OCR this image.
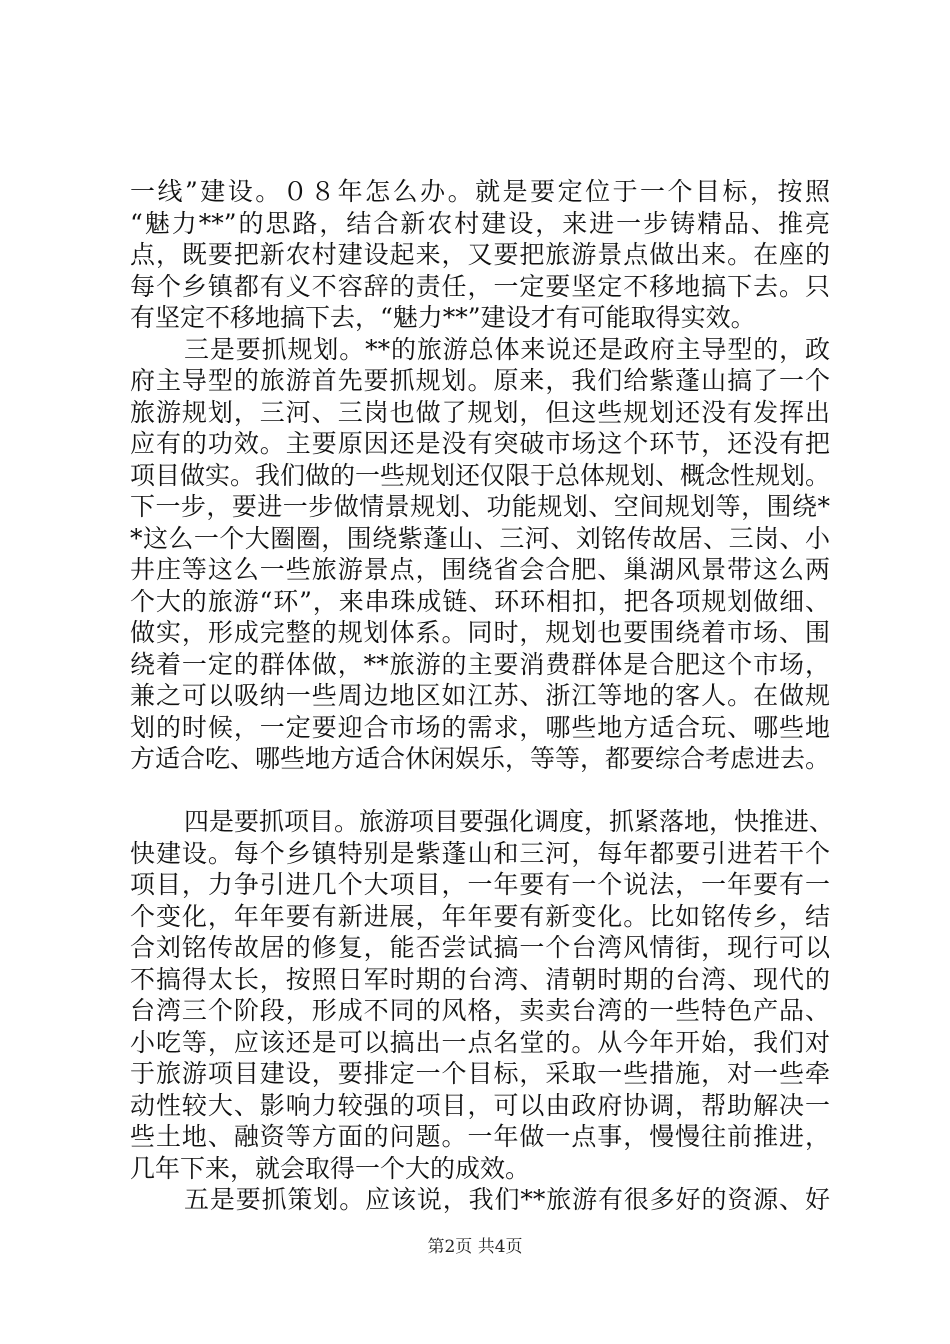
一线”建设。０８年怎么办。就是要定位于一个目标，按照
“魅力**”的思路，结合新农村建设，来进一步铸精品、推亮
点，既要把新农村建设起来，又要把旅游景点做出来。在座的
每个乡镇都有义不容辞的责任，一定要坚定不移地搞下去。只
有坚定不移地搞下去，“魅力**”建设才有可能取得实效。
三是要抓规划。**的旅游总体来说还是政府主导型的，政
府主导型的旅游首先要抓规划。原来，我们给紫蓬山搞了一个
旅游规划，三河、三岗也做了规划，但这些规划还没有发挥出
应有的功效。主要原因还是没有突破市场这个环节，还没有把
项目做实。我们做的一些规划还仅限于总体规划、概念性规划。
下一步，要进一步做情景规划、功能规划、空间规划等，围绕*
*这么一个大圈圈，围绕紫蓬山、三河、刘铭传故居、三岗、小
井庄等这么一些旅游景点，围绕省会合肥、巢湖风景带这么两
个大的旅游“环”，来串珠成链、环环相扣，把各项规划做细、
做实，形成完整的规划体系。同时，规划也要围绕着市场、围
绕着一定的群体做，**旅游的主要消费群体是合肥这个市场，
兼之可以吸纳一些周边地区如江苏、浙江等地的客人。在做规
划的时候，一定要迎合市场的需求，哪些地方适合玩、哪些地
方适合吃、哪些地方适合休闲娱乐，等等，都要综合考虑进去。
四是要抓项目。旅游项目要强化调度，抓紧落地，快推进、
快建设。每个乡镇特别是紫蓬山和三河，每年都要引进若干个
项目，力争引进几个大项目，一年要有一个说法，一年要有一
个变化，年年要有新进展，年年要有新变化。比如铭传乡，结
合刘铭传故居的修复，能否尝试搞一个台湾风情街，现行可以
不搞得太长，按照日军时期的台湾、清朝时期的台湾、现代的
台湾三个阶段，形成不同的风格，卖卖台湾的一些特色产品、
小吃等，应该还是可以搞出一点名堂的。从今年开始，我们对
于旅游项目建设，要排定一个目标，采取一些措施，对一些牵
动性较大、影响力较强的项目，可以由政府协调，帮助解决一
些土地、融资等方面的问题。一年做一点事，慢慢往前推进，
几年下来，就会取得一个大的成效。
五是要抓策划。应该说，我们**旅游有很多好的资源、好
第2页 共4页
